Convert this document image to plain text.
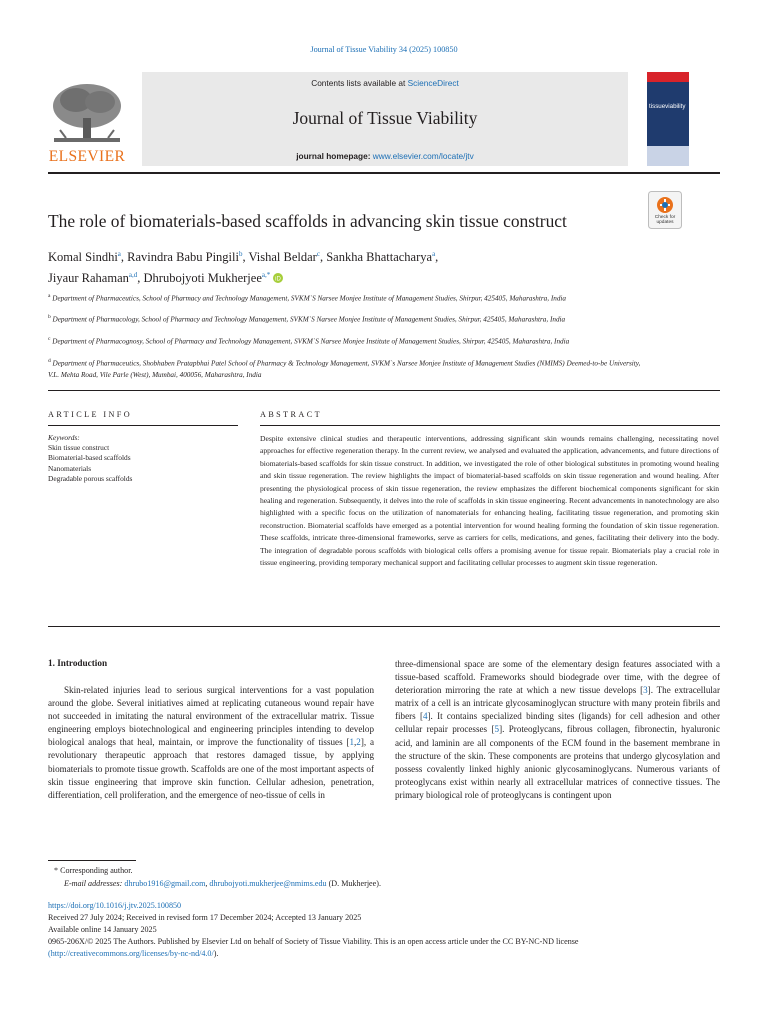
Journal of Tissue Viability 34 (2025) 100850
Contents lists available at ScienceDirect
Journal of Tissue Viability
journal homepage: www.elsevier.com/locate/jtv
ELSEVIER
tissueviability
The role of biomaterials-based scaffolds in advancing skin tissue construct	Check for updates
Komal Sindhi$^a$, Ravindra Babu Pingili$^b$, Vishal Beldar$^c$, Sankha Bhattacharya$^a$,
Jiyaur Rahaman$^{a,d}$, Dhrubojyoti Mukherjee$^{a,*}$
iD
$^a$ Department of Pharmaceutics, School of Pharmacy and Technology Management, SVKM`S Narsee Monjee Institute of Management Studies, Shirpur, 425405, Maharashtra, India
$^b$ Department of Pharmacology, School of Pharmacy and Technology Management, SVKM`S Narsee Monjee Institute of Management Studies, Shirpur, 425405, Maharashtra, India
$^c$ Department of Pharmacognosy, School of Pharmacy and Technology Management, SVKM`S Narsee Monjee Institute of Management Studies, Shirpur, 425405, Maharashtra, India
$^d$ Department of Pharmaceutics, Shobhaben Pratapbhai Patel School of Pharmacy & Technology Management, SVKM`s Narsee Monjee Institute of Management Studies (NMIMS) Deemed-to-be University, V.L. Mehta Road, Vile Parle (West), Mumbai, 400056, Maharashtra, India
ARTICLE INFO
Keywords:
Skin tissue construct
Biomaterial-based scaffolds
Nanomaterials
Degradable porous scaffolds
ABSTRACT
Despite extensive clinical studies and therapeutic interventions, addressing significant skin wounds remains challenging, necessitating novel approaches for effective regeneration therapy. In the current review, we analysed and evaluated the application, advancements, and future directions of biomaterials-based scaffolds for skin tissue construct. In addition, we investigated the role of other biological substitutes in promoting wound healing and skin tissue regeneration. The review highlights the impact of biomaterial-based scaffolds on skin tissue regeneration and wound healing. After presenting the physiological process of skin tissue regeneration, the review emphasizes the different biochemical components significant for skin healing and regeneration. Subsequently, it delves into the role of scaffolds in skin tissue engineering. Recent advancements in nanotechnology are also highlighted with a specific focus on the utilization of nanomaterials for enhancing healing, facilitating tissue regeneration, and promoting skin reconstruction. Biomaterial scaffolds have emerged as a potential intervention for wound healing forming the foundation of skin tissue regeneration. These scaffolds, intricate three-dimensional frameworks, serve as carriers for cells, medications, and genes, facilitating their delivery into the body. The integration of degradable porous scaffolds with biological cells offers a promising avenue for tissue repair. Biomaterials play a crucial role in tissue engineering, providing temporary mechanical support and facilitating cellular processes to augment skin tissue regeneration.
1. Introduction
Skin-related injuries lead to serious surgical interventions for a vast population around the globe. Several initiatives aimed at replicating cutaneous wound repair have not succeeded in imitating the natural environment of the extracellular matrix. Tissue engineering employs biotechnological and engineering principles intending to develop biological analogs that heal, maintain, or improve the functionality of tissues [1,2], a revolutionary therapeutic approach that restores damaged tissue, by applying biomaterials to promote tissue growth. Scaffolds are one of the most important aspects of skin tissue engineering that improve skin function. Cellular adhesion, penetration, differentiation, cell proliferation, and the emergence of neo-tissue of cells in
three-dimensional space are some of the elementary design features associated with a tissue-based scaffold. Frameworks should biodegrade over time, with the degree of deterioration mirroring the rate at which a new tissue develops [3]. The extracellular matrix of a cell is an intricate glycosaminoglycan structure with many protein fibrils and fibers [4]. It contains specialized binding sites (ligands) for cell adhesion and other cellular repair processes [5]. Proteoglycans, fibrous collagen, fibronectin, hyaluronic acid, and laminin are all components of the ECM found in the basement membrane in the structure of the skin. These components are proteins that undergo glycosylation and possess covalently linked highly anionic glycosaminoglycans. Numerous variants of proteoglycans exist within nearly all extracellular matrices of connective tissues. The primary biological role of proteoglycans is contingent upon
* Corresponding author.
E-mail addresses: dhrubo1916@gmail.com, dhrubojyoti.mukherjee@nmims.edu (D. Mukherjee).
https://doi.org/10.1016/j.jtv.2025.100850
Received 27 July 2024; Received in revised form 17 December 2024; Accepted 13 January 2025
Available online 14 January 2025
0965-206X/© 2025 The Authors. Published by Elsevier Ltd on behalf of Society of Tissue Viability. This is an open access article under the CC BY-NC-ND license
(http://creativecommons.org/licenses/by-nc-nd/4.0/).
